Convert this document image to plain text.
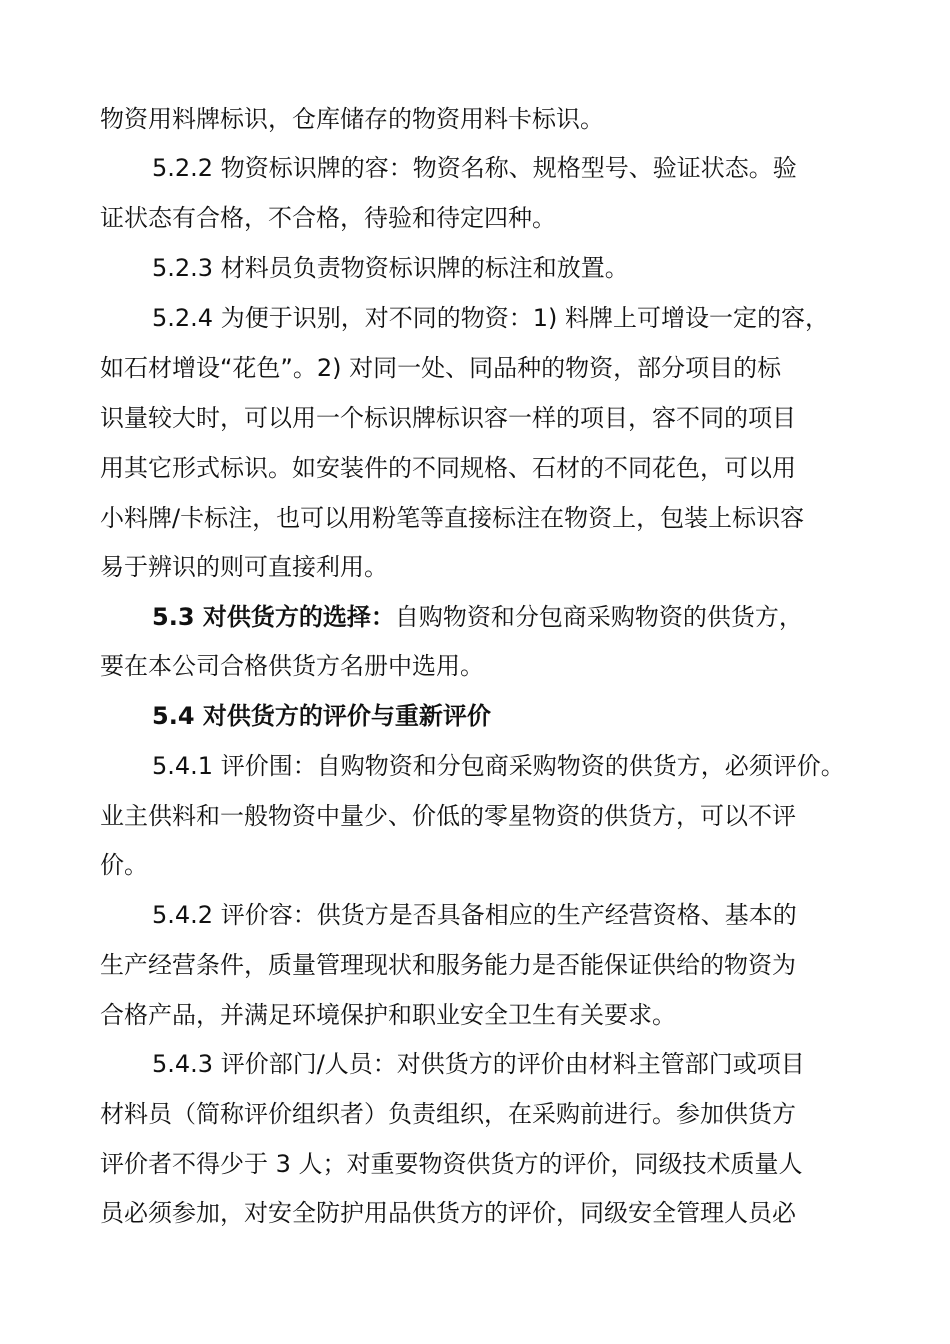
物资用料牌标识，仓库储存的物资用料卡标识。
5.2.2 物资标识牌的容：物资名称、规格型号、验证状态。验
证状态有合格，不合格，待验和待定四种。
5.2.3 材料员负责物资标识牌的标注和放置。
5.2.4 为便于识别，对不同的物资：1) 料牌上可增设一定的容，
如石材增设“花色”。2) 对同一处、同品种的物资，部分项目的标
识量较大时，可以用一个标识牌标识容一样的项目，容不同的项目
用其它形式标识。如安装件的不同规格、石材的不同花色，可以用
小料牌/卡标注，也可以用粉笔等直接标注在物资上，包装上标识容
易于辨识的则可直接利用。
5.3 对供货方的选择：自购物资和分包商采购物资的供货方，
要在本公司合格供货方名册中选用。
5.4 对供货方的评价与重新评价
5.4.1 评价围：自购物资和分包商采购物资的供货方，必须评价。
业主供料和一般物资中量少、价低的零星物资的供货方，可以不评
价。
5.4.2 评价容：供货方是否具备相应的生产经营资格、基本的
生产经营条件，质量管理现状和服务能力是否能保证供给的物资为
合格产品，并满足环境保护和职业安全卫生有关要求。
5.4.3 评价部门/人员：对供货方的评价由材料主管部门或项目
材料员（简称评价组织者）负责组织，在采购前进行。参加供货方
评价者不得少于 3 人；对重要物资供货方的评价，同级技术质量人
员必须参加，对安全防护用品供货方的评价，同级安全管理人员必
